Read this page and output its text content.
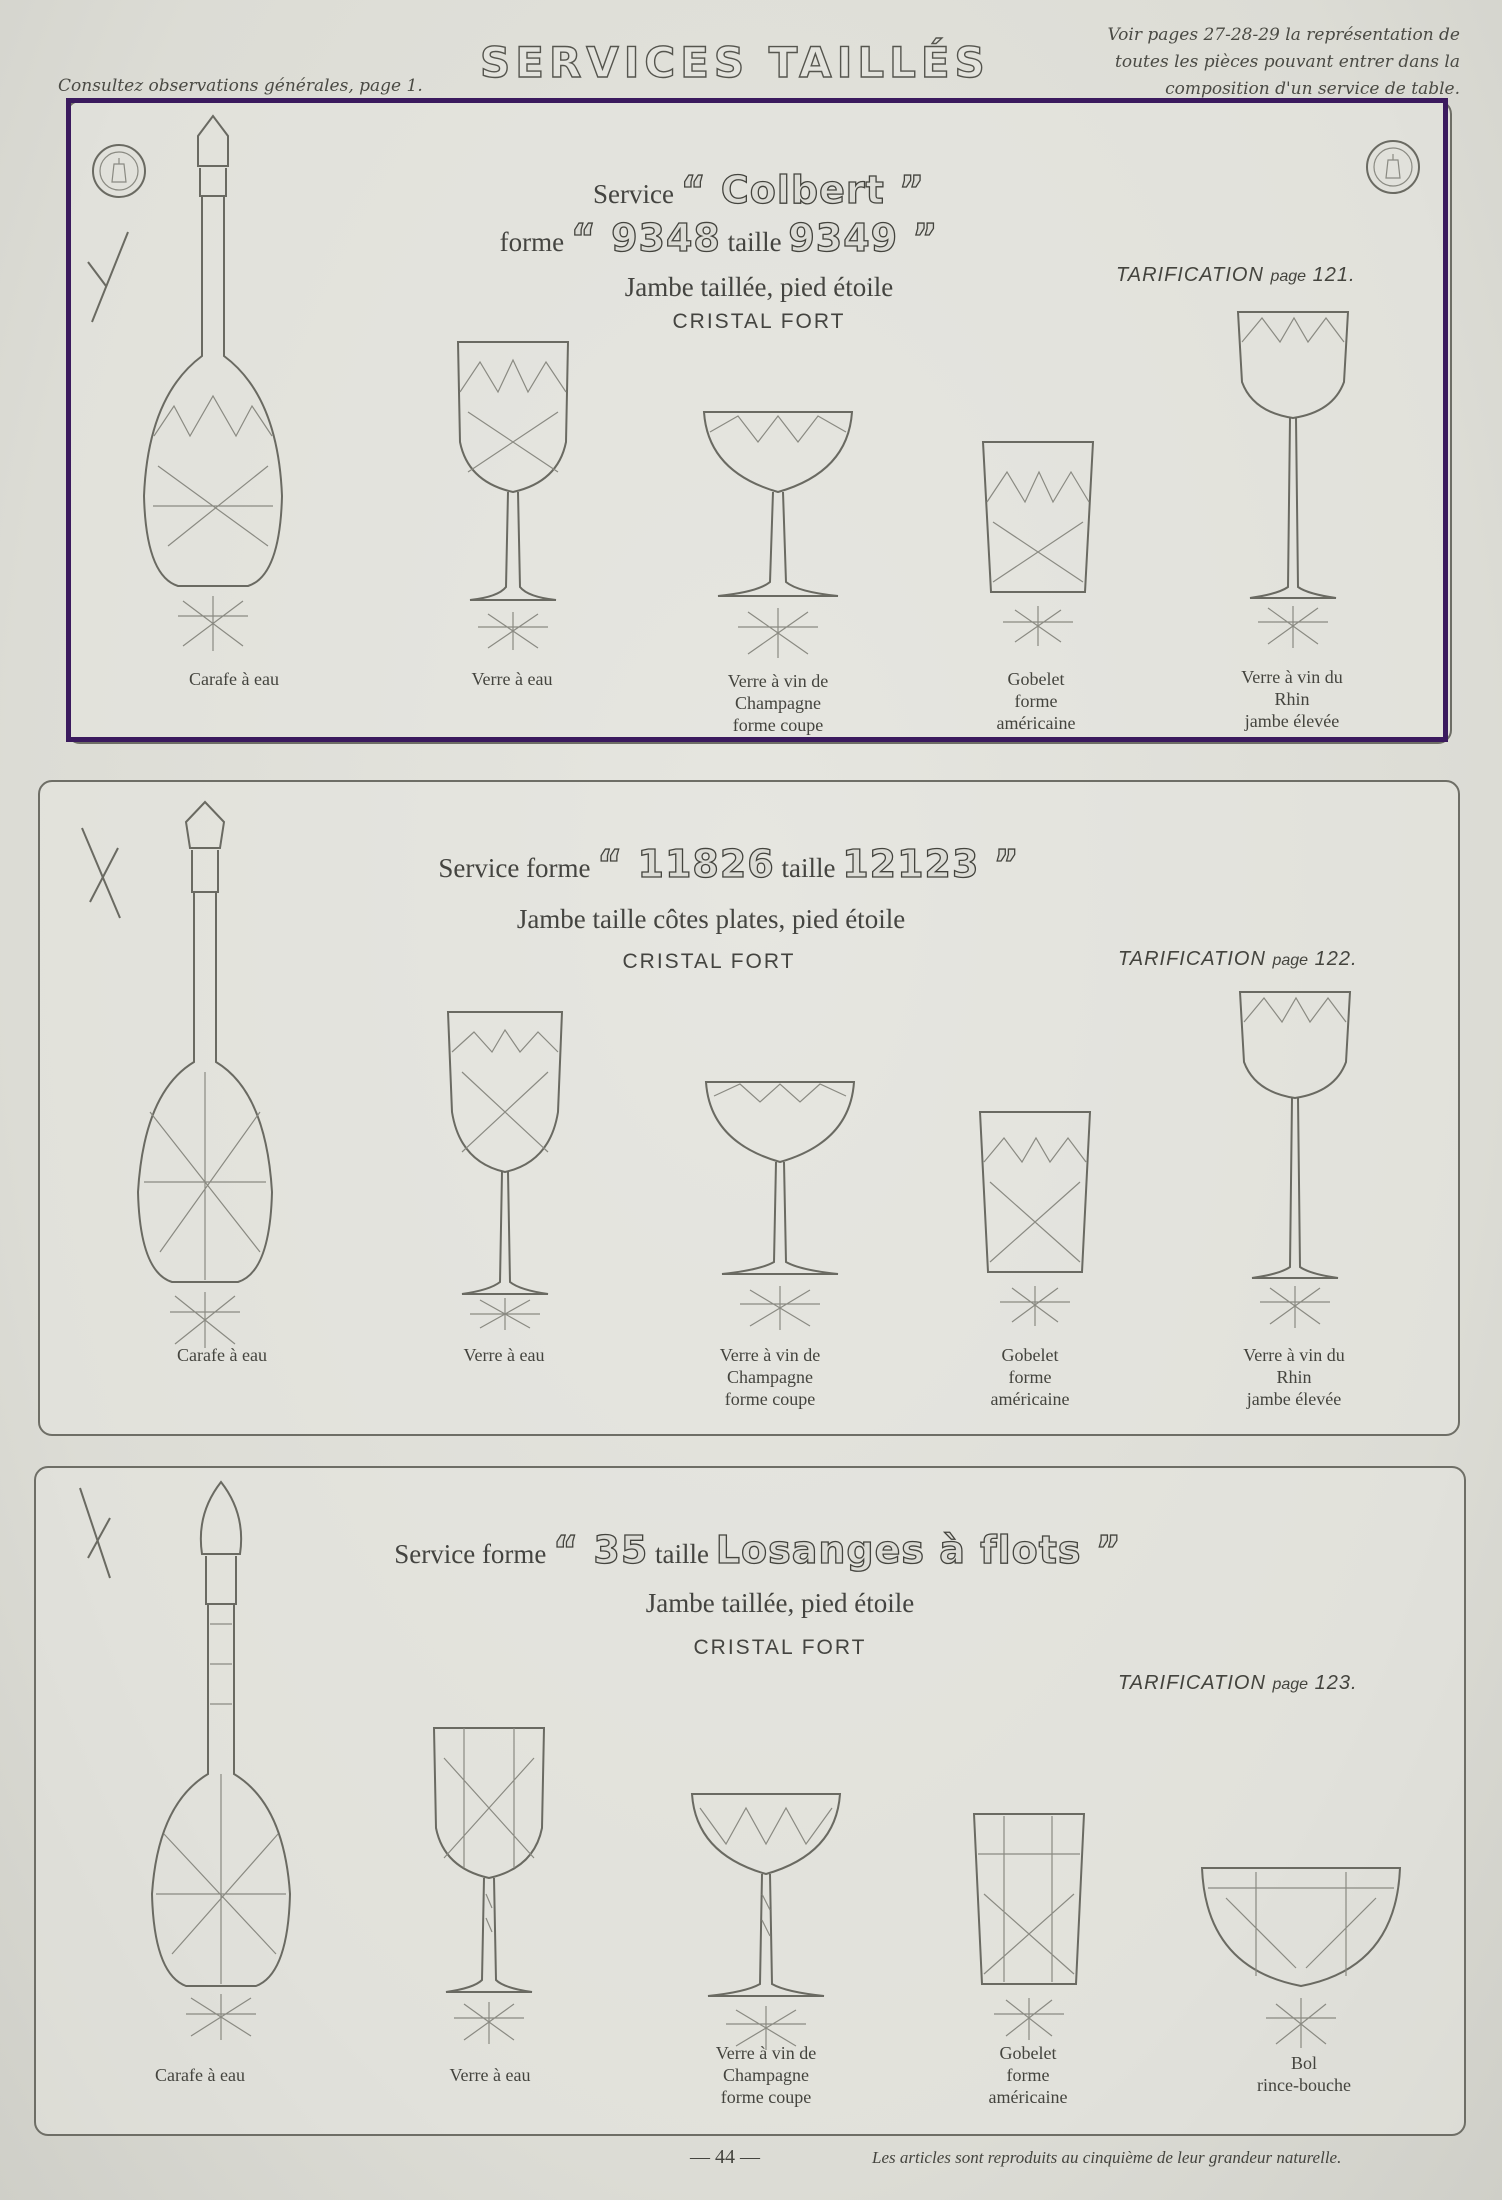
Consultez observations générales, page 1. SERVICES TAILLÉS
Voir pages 27-28-29 la représentation de
toutes les pièces pouvant entrer dans la
composition d'un service de table.
Service “ Colbert ”
forme “ 9348 taille 9349 ”
Jambe taillée, pied étoile
CRISTAL FORT
TARIFICATION page 121.
Carafe à eau	Verre à eau	Verre à vin de
Champagne
forme coupe
Gobelet
forme
américaine
Verre à vin du
Rhin
jambe élevée
Service forme “ 11826 taille 12123 ”
Jambe taille côtes plates, pied étoile
CRISTAL FORT	TARIFICATION page 122.
Carafe à eau	Verre à eau	Verre à vin de
Champagne
forme coupe
Gobelet
forme
américaine
Verre à vin du
Rhin
jambe élevée
Service forme “ 35 taille Losanges à flots ”
Jambe taillée, pied étoile
CRISTAL FORT
TARIFICATION page 123.
Carafe à eau	Verre à eau
Verre à vin de
Champagne
forme coupe
Gobelet
forme
américaine
Bol
rince-bouche
— 44 —	Les articles sont reproduits au cinquième de leur grandeur naturelle.
